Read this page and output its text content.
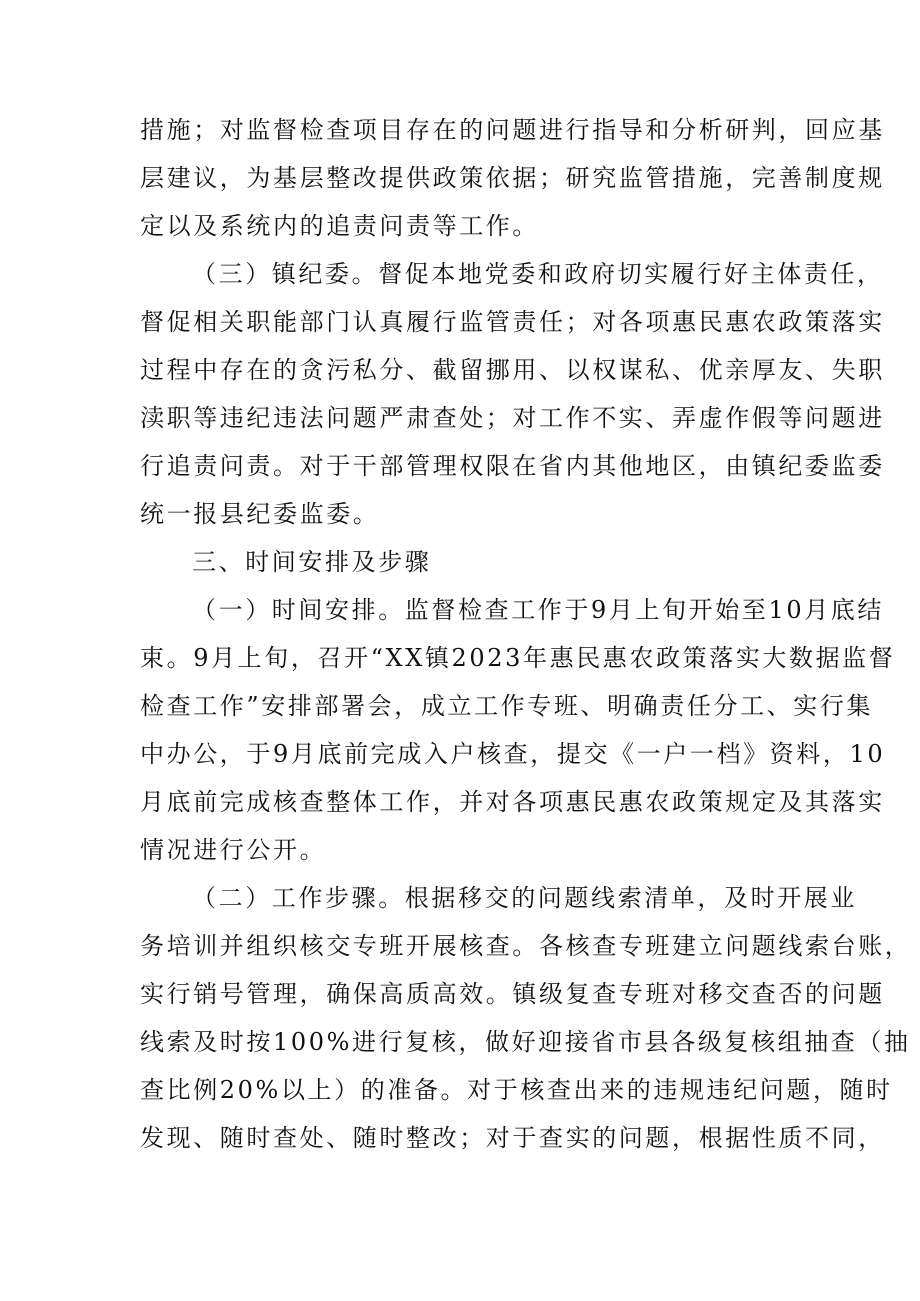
措施；对监督检查项目存在的问题进行指导和分析研判，回应基
层建议，为基层整改提供政策依据；研究监管措施，完善制度规
定以及系统内的追责问责等工作。

（三）镇纪委。督促本地党委和政府切实履行好主体责任，
督促相关职能部门认真履行监管责任；对各项惠民惠农政策落实
过程中存在的贪污私分、截留挪用、以权谋私、优亲厚友、失职
渎职等违纪违法问题严肃查处；对工作不实、弄虚作假等问题进
行追责问责。对于干部管理权限在省内其他地区，由镇纪委监委
统一报县纪委监委。

三、时间安排及步骤

（一）时间安排。监督检查工作于9月上旬开始至10月底结
束。9月上旬，召开“XX镇2023年惠民惠农政策落实大数据监督
检查工作”安排部署会，成立工作专班、明确责任分工、实行集
中办公，于9月底前完成入户核查，提交《一户一档》资料，10
月底前完成核查整体工作，并对各项惠民惠农政策规定及其落实
情况进行公开。

（二）工作步骤。根据移交的问题线索清单，及时开展业
务培训并组织核交专班开展核查。各核查专班建立问题线索台账，
实行销号管理，确保高质高效。镇级复查专班对移交查否的问题
线索及时按100%进行复核，做好迎接省市县各级复核组抽查（抽
查比例20%以上）的准备。对于核查出来的违规违纪问题，随时
发现、随时查处、随时整改；对于查实的问题，根据性质不同，
